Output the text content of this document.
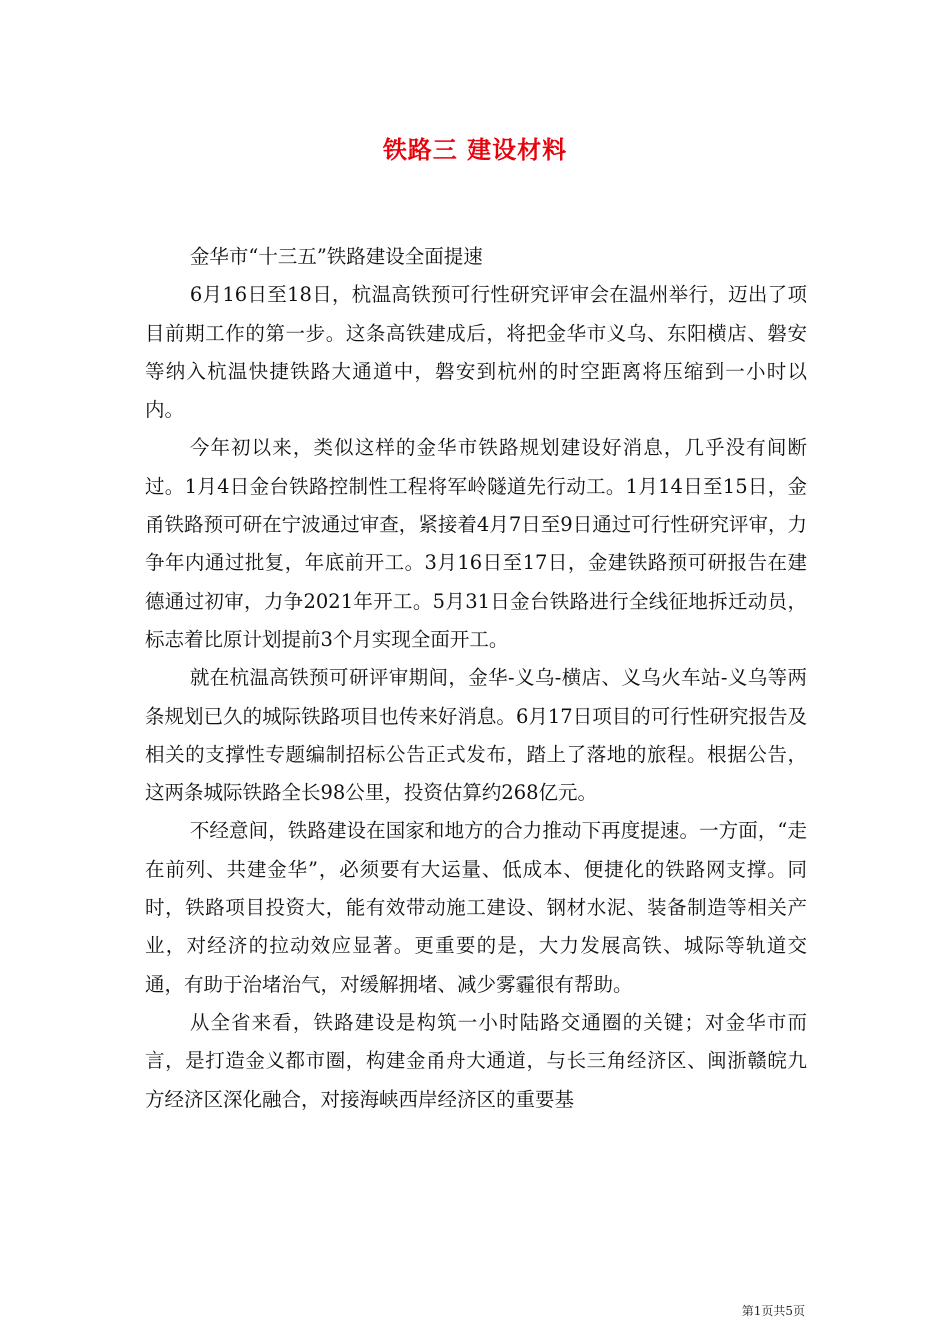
铁路三 建设材料

金华市“十三五”铁路建设全面提速

6月16日至18日，杭温高铁预可行性研究评审会在温州举行，迈出了项目前期工作的第一步。这条高铁建成后，将把金华市义乌、东阳横店、磐安等纳入杭温快捷铁路大通道中，磐安到杭州的时空距离将压缩到一小时以内。

今年初以来，类似这样的金华市铁路规划建设好消息，几乎没有间断过。1月4日金台铁路控制性工程将军岭隧道先行动工。1月14日至15日，金甬铁路预可研在宁波通过审查，紧接着4月7日至9日通过可行性研究评审，力争年内通过批复，年底前开工。3月16日至17日，金建铁路预可研报告在建德通过初审，力争2021年开工。5月31日金台铁路进行全线征地拆迁动员，标志着比原计划提前3个月实现全面开工。

就在杭温高铁预可研评审期间，金华-义乌-横店、义乌火车站-义乌等两条规划已久的城际铁路项目也传来好消息。6月17日项目的可行性研究报告及相关的支撑性专题编制招标公告正式发布，踏上了落地的旅程。根据公告，这两条城际铁路全长98公里，投资估算约268亿元。

不经意间，铁路建设在国家和地方的合力推动下再度提速。一方面，“走在前列、共建金华”，必须要有大运量、低成本、便捷化的铁路网支撑。同时，铁路项目投资大，能有效带动施工建设、钢材水泥、装备制造等相关产业，对经济的拉动效应显著。更重要的是，大力发展高铁、城际等轨道交通，有助于治堵治气，对缓解拥堵、减少雾霾很有帮助。

从全省来看，铁路建设是构筑一小时陆路交通圈的关键；对金华市而言，是打造金义都市圈，构建金甬舟大通道，与长三角经济区、闽浙赣皖九方经济区深化融合，对接海峡西岸经济区的重要基

第1页共5页
